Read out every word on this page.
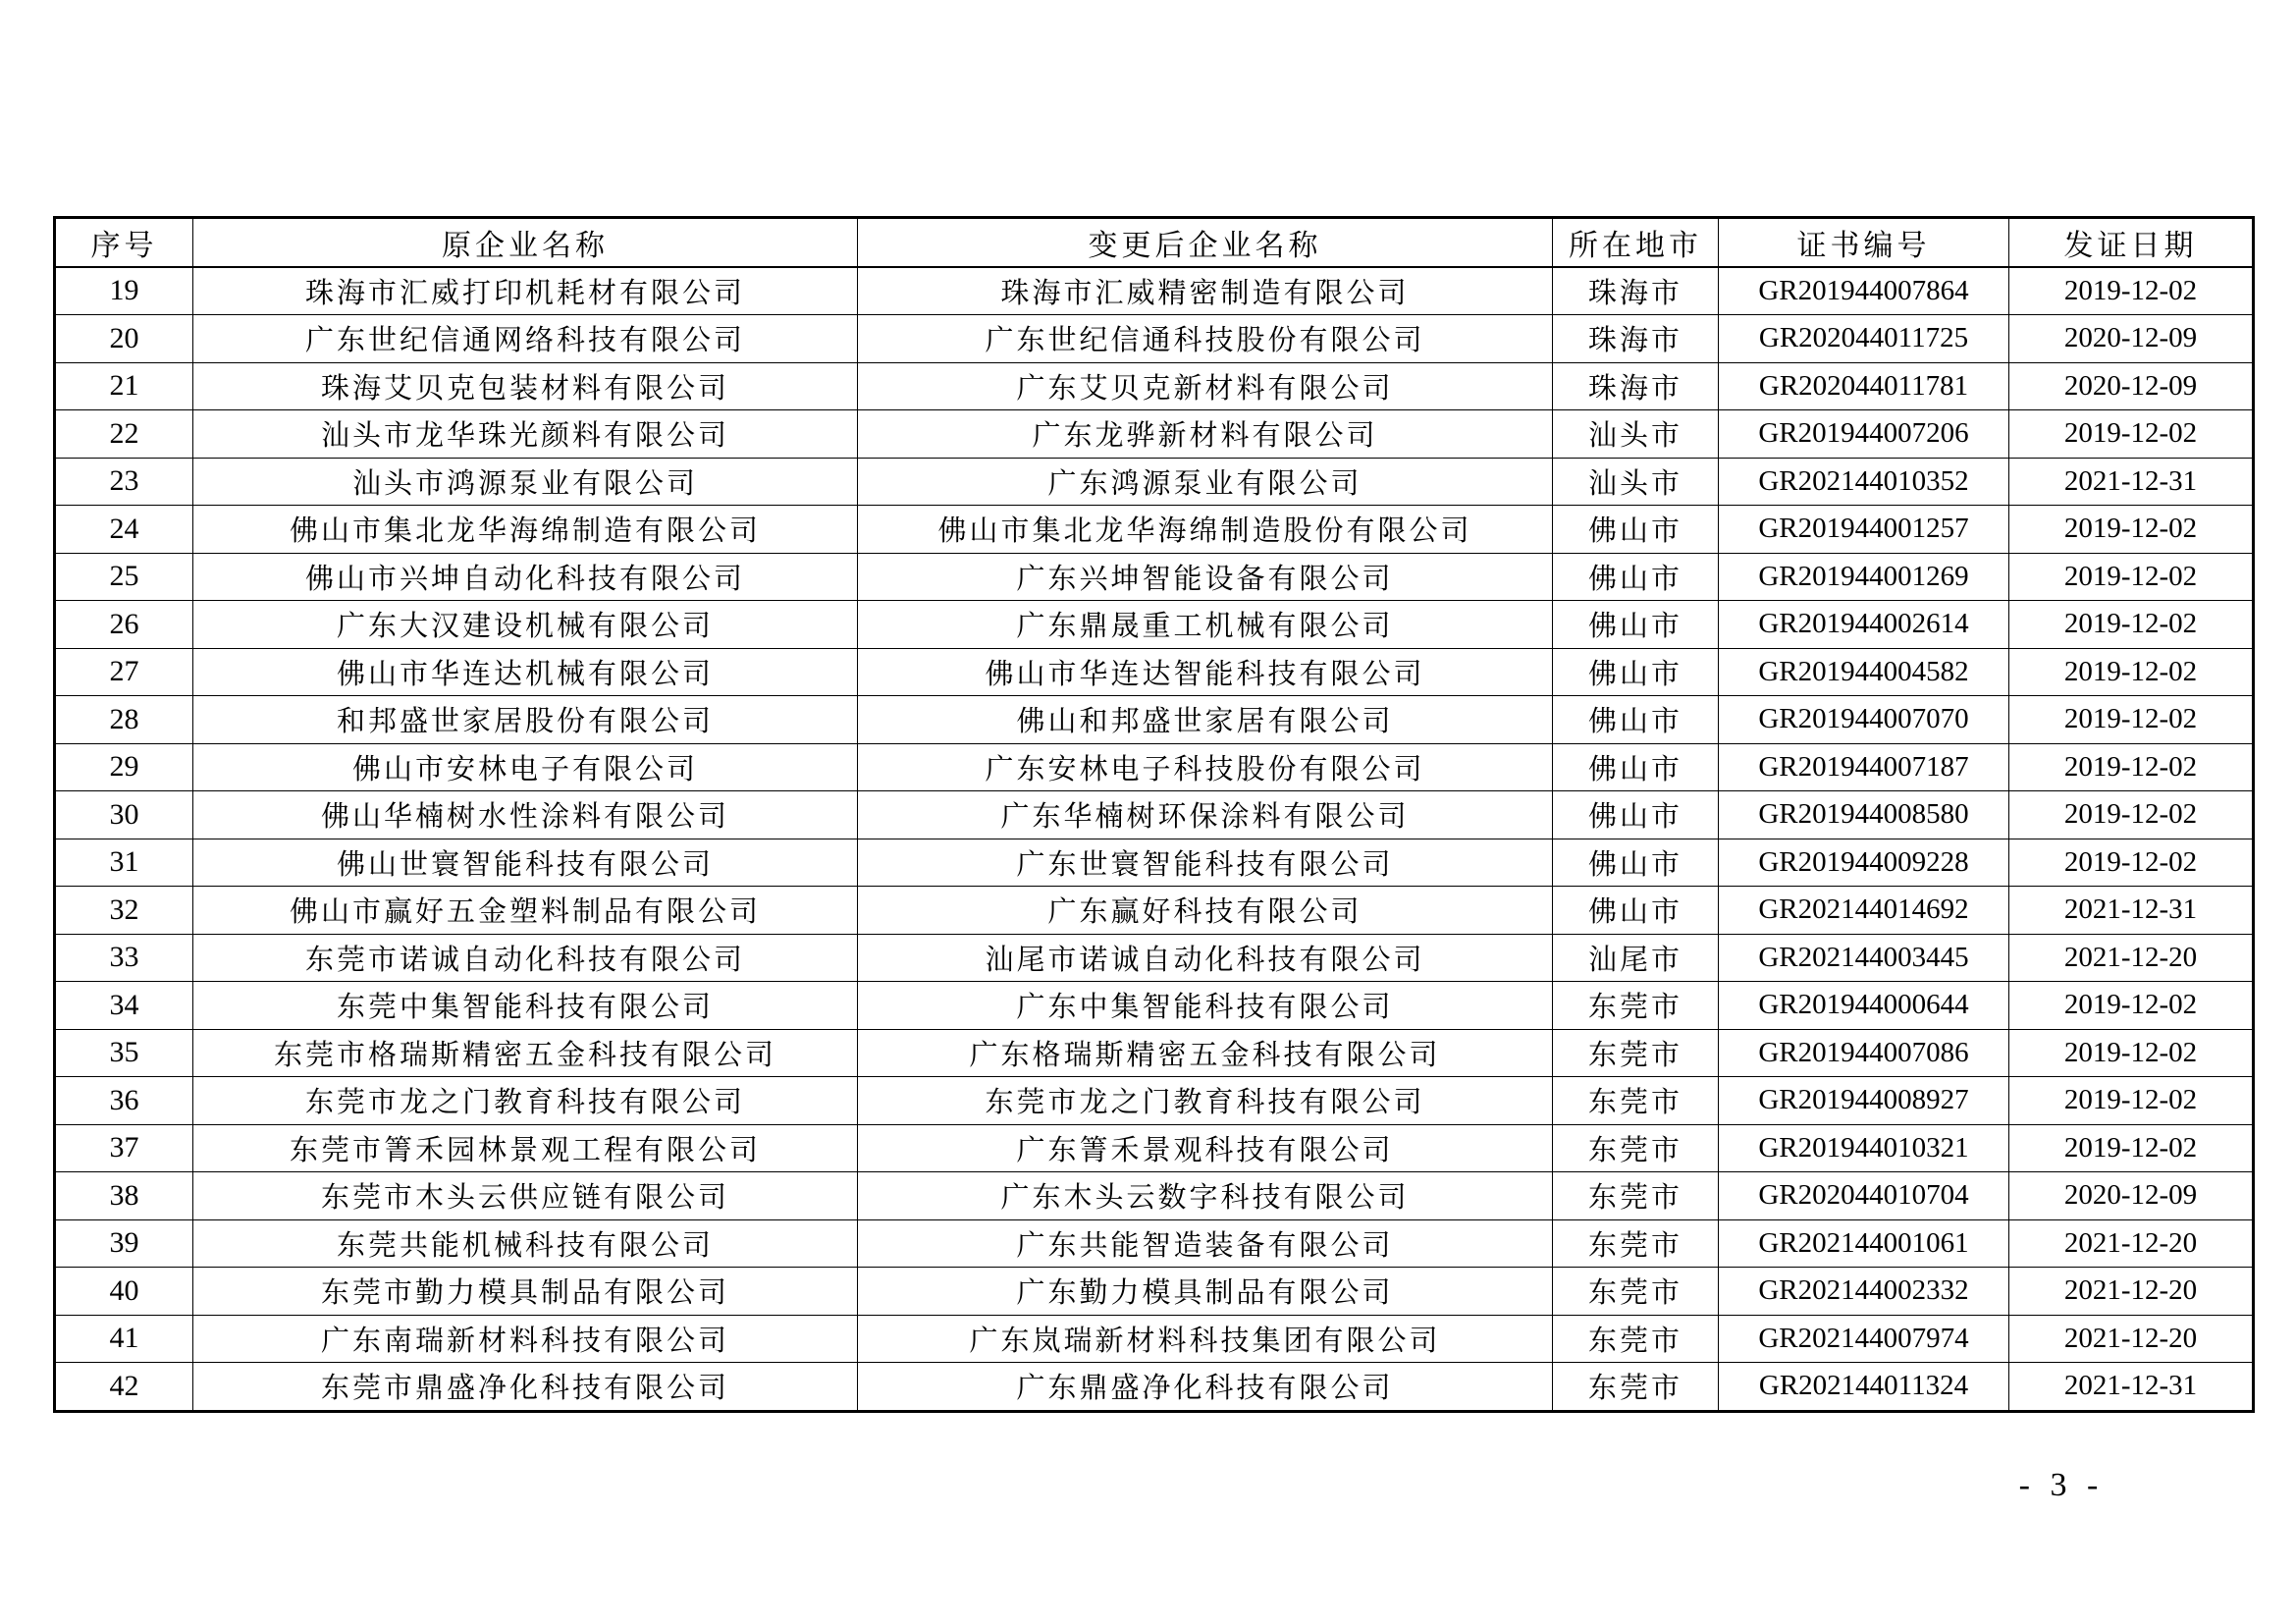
序号	原企业名称	变更后企业名称	所在地市	证书编号	发证日期
19	珠海市汇威打印机耗材有限公司	珠海市汇威精密制造有限公司	珠海市	GR201944007864	2019-12-02
20	广东世纪信通网络科技有限公司	广东世纪信通科技股份有限公司	珠海市	GR202044011725	2020-12-09
21	珠海艾贝克包装材料有限公司	广东艾贝克新材料有限公司	珠海市	GR202044011781	2020-12-09
22	汕头市龙华珠光颜料有限公司	广东龙骅新材料有限公司	汕头市	GR201944007206	2019-12-02
23	汕头市鸿源泵业有限公司	广东鸿源泵业有限公司	汕头市	GR202144010352	2021-12-31
24	佛山市集北龙华海绵制造有限公司	佛山市集北龙华海绵制造股份有限公司	佛山市	GR201944001257	2019-12-02
25	佛山市兴坤自动化科技有限公司	广东兴坤智能设备有限公司	佛山市	GR201944001269	2019-12-02
26	广东大汉建设机械有限公司	广东鼎晟重工机械有限公司	佛山市	GR201944002614	2019-12-02
27	佛山市华连达机械有限公司	佛山市华连达智能科技有限公司	佛山市	GR201944004582	2019-12-02
28	和邦盛世家居股份有限公司	佛山和邦盛世家居有限公司	佛山市	GR201944007070	2019-12-02
29	佛山市安林电子有限公司	广东安林电子科技股份有限公司	佛山市	GR201944007187	2019-12-02
30	佛山华楠树水性涂料有限公司	广东华楠树环保涂料有限公司	佛山市	GR201944008580	2019-12-02
31	佛山世寰智能科技有限公司	广东世寰智能科技有限公司	佛山市	GR201944009228	2019-12-02
32	佛山市赢好五金塑料制品有限公司	广东赢好科技有限公司	佛山市	GR202144014692	2021-12-31
33	东莞市诺诚自动化科技有限公司	汕尾市诺诚自动化科技有限公司	汕尾市	GR202144003445	2021-12-20
34	东莞中集智能科技有限公司	广东中集智能科技有限公司	东莞市	GR201944000644	2019-12-02
35	东莞市格瑞斯精密五金科技有限公司	广东格瑞斯精密五金科技有限公司	东莞市	GR201944007086	2019-12-02
36	东莞市龙之门教育科技有限公司	东莞市龙之门教育科技有限公司	东莞市	GR201944008927	2019-12-02
37	东莞市箐禾园林景观工程有限公司	广东箐禾景观科技有限公司	东莞市	GR201944010321	2019-12-02
38	东莞市木头云供应链有限公司	广东木头云数字科技有限公司	东莞市	GR202044010704	2020-12-09
39	东莞共能机械科技有限公司	广东共能智造装备有限公司	东莞市	GR202144001061	2021-12-20
40	东莞市勤力模具制品有限公司	广东勤力模具制品有限公司	东莞市	GR202144002332	2021-12-20
41	广东南瑞新材料科技有限公司	广东岚瑞新材料科技集团有限公司	东莞市	GR202144007974	2021-12-20
42	东莞市鼎盛净化科技有限公司	广东鼎盛净化科技有限公司	东莞市	GR202144011324	2021-12-31
- 3 -
